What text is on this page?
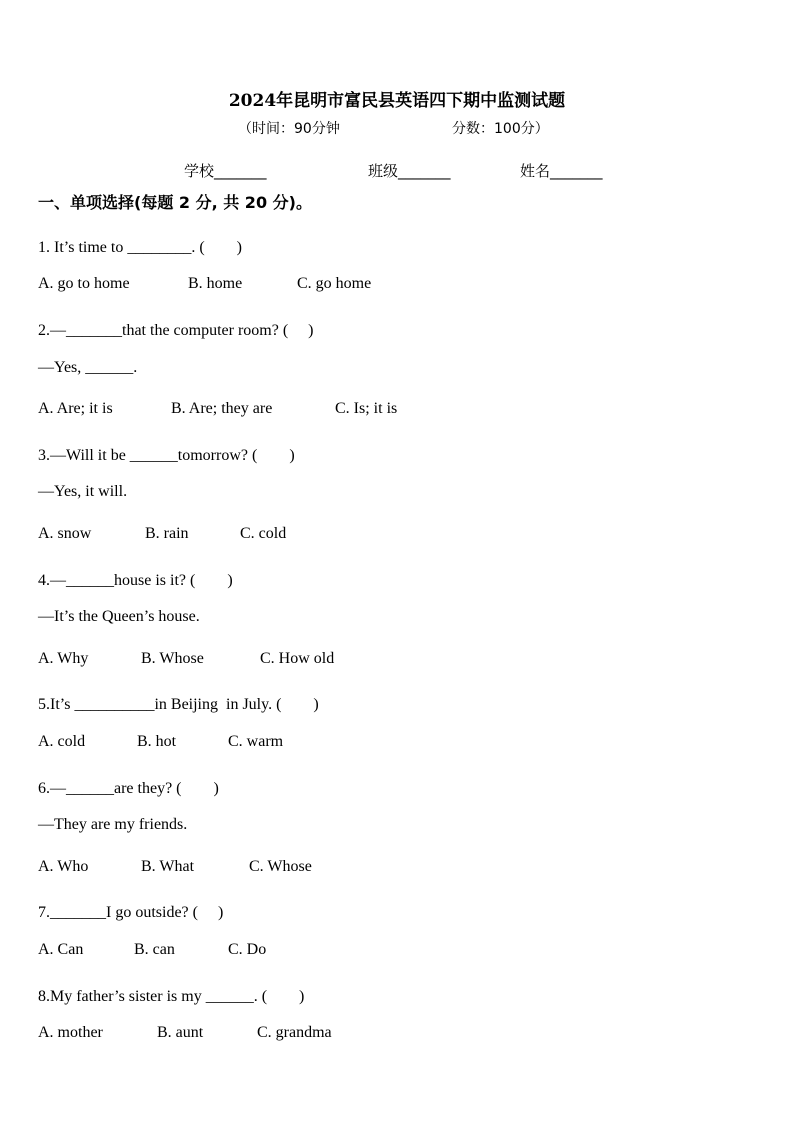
2024年昆明市富民县英语四下期中监测试题
（时间：90分钟	分数：100分）
学校_______	班级_______	姓名_______
一、单项选择(每题 2 分, 共 20 分)。
1. It’s time to ________. (　　)
A. go to home	B. home	C. go home
2.—_______that the computer room? (　 )
—Yes, ______.
A. Are; it is	B. Are; they are	C. Is; it is
3.—Will it be ______tomorrow? (　　)
—Yes, it will.
A. snow	B. rain	C. cold
4.—______house is it? (　　)
—It’s the Queen’s house.
A. Why	B. Whose	C. How old
5.It’s __________in Beijing  in July. (　　)
A. cold	B. hot	C. warm
6.—______are they? (　　)
—They are my friends.
A. Who	B. What	C. Whose
7._______I go outside? (　 )
A. Can	B. can	C. Do
8.My father’s sister is my ______. (　　)
A. mother	B. aunt	C. grandma
